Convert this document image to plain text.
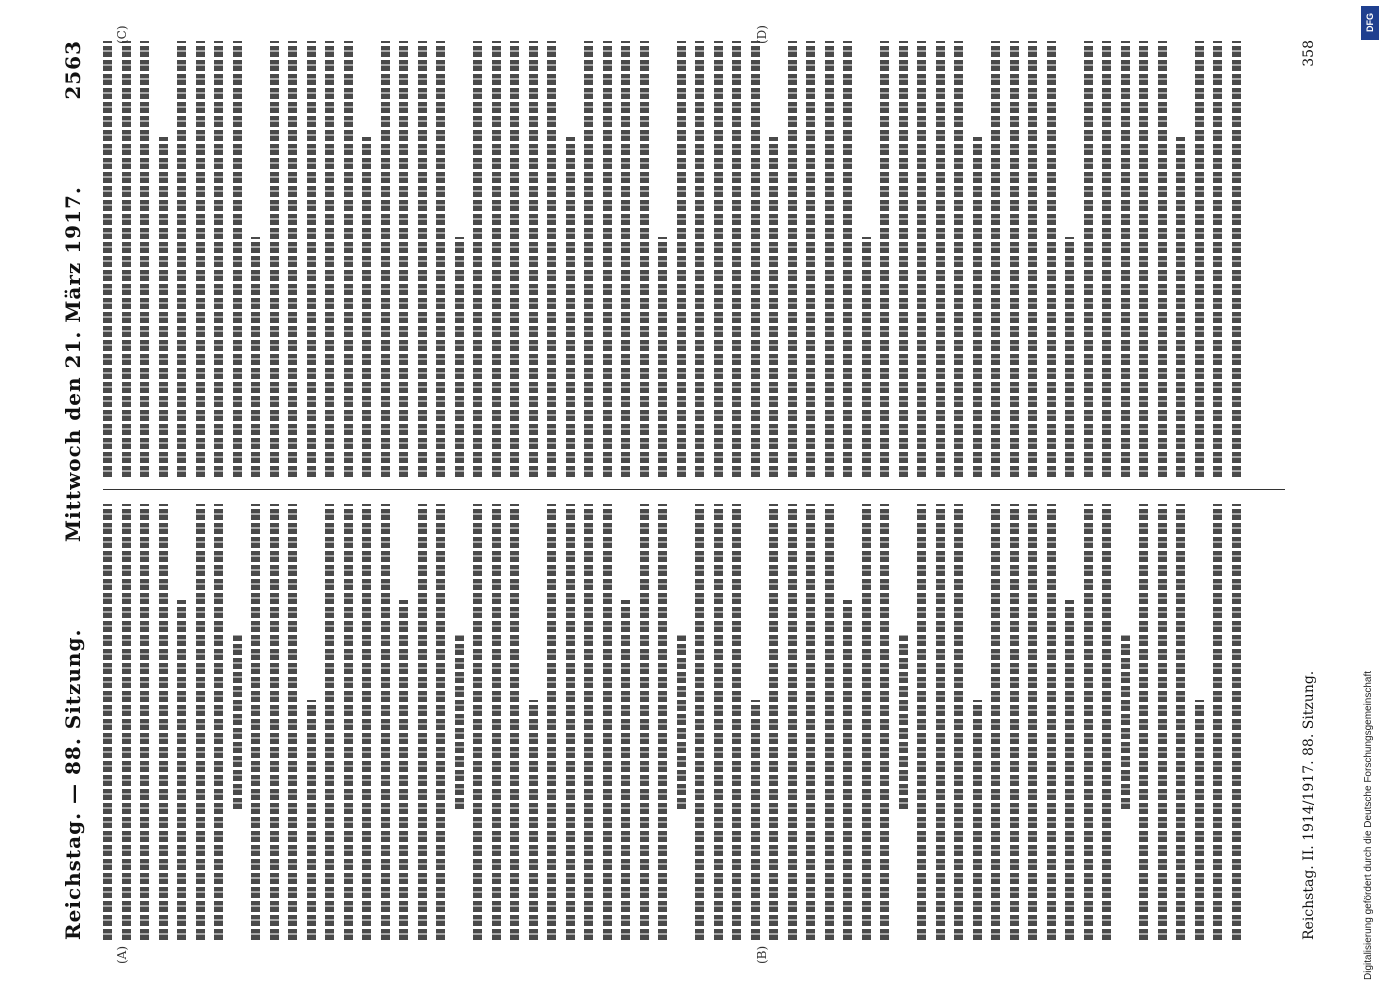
Reichstag. — 88. Sitzung.
Mittwoch den 21. März 1917.
2563
(A)	(B)
(C)	(D)
Reichstag. II. 1914/1917. 88. Sitzung.
358
DFG
Digitalisierung gefördert durch die Deutsche Forschungsgemeinschaft
